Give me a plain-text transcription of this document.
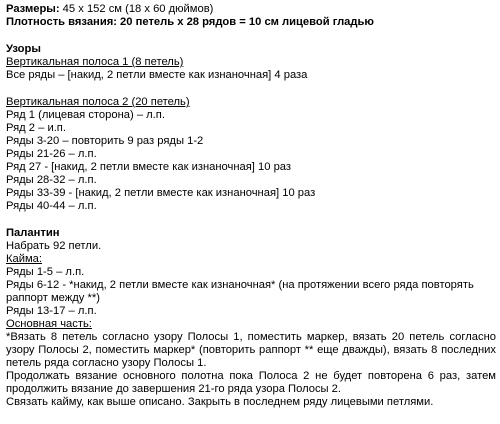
Размеры: 45 х 152 см (18 х 60 дюймов)
Плотность вязания: 20 петель х 28 рядов = 10 см лицевой гладью
Узоры
Вертикальная полоса 1 (8 петель)
Все ряды – [накид, 2 петли вместе как изнаночная] 4 раза
Вертикальная полоса 2 (20 петель)
Ряд 1 (лицевая сторона) – л.п.
Ряд 2 – и.п.
Ряды 3-20 – повторить 9 раз ряды 1-2
Ряды 21-26 – л.п.
Ряд 27 - [накид, 2 петли вместе как изнаночная] 10 раз
Ряды 28-32 – л.п.
Ряды 33-39 - [накид, 2 петли вместе как изнаночная] 10 раз
Ряды 40-44 – л.п.
Палантин
Набрать 92 петли.
Кайма:
Ряды 1-5 – л.п.
Ряды 6-12 - *накид, 2 петли вместе как изнаночная* (на протяжении всего ряда повторять
раппорт между **)
Ряды 13-17 – л.п.
Основная часть:
*Вязать 8 петель согласно узору Полосы 1, поместить маркер, вязать 20 петель согласно узору Полосы 2, поместить маркер* (повторить раппорт ** еще дважды), вязать 8 последних петель ряда согласно узору Полосы 1.
Продолжать вязание основного полотна пока Полоса 2 не будет повторена 6 раз, затем продолжить вязание до завершения 21-го ряда узора Полосы 2.
Связать кайму, как выше описано. Закрыть в последнем ряду лицевыми петлями.
